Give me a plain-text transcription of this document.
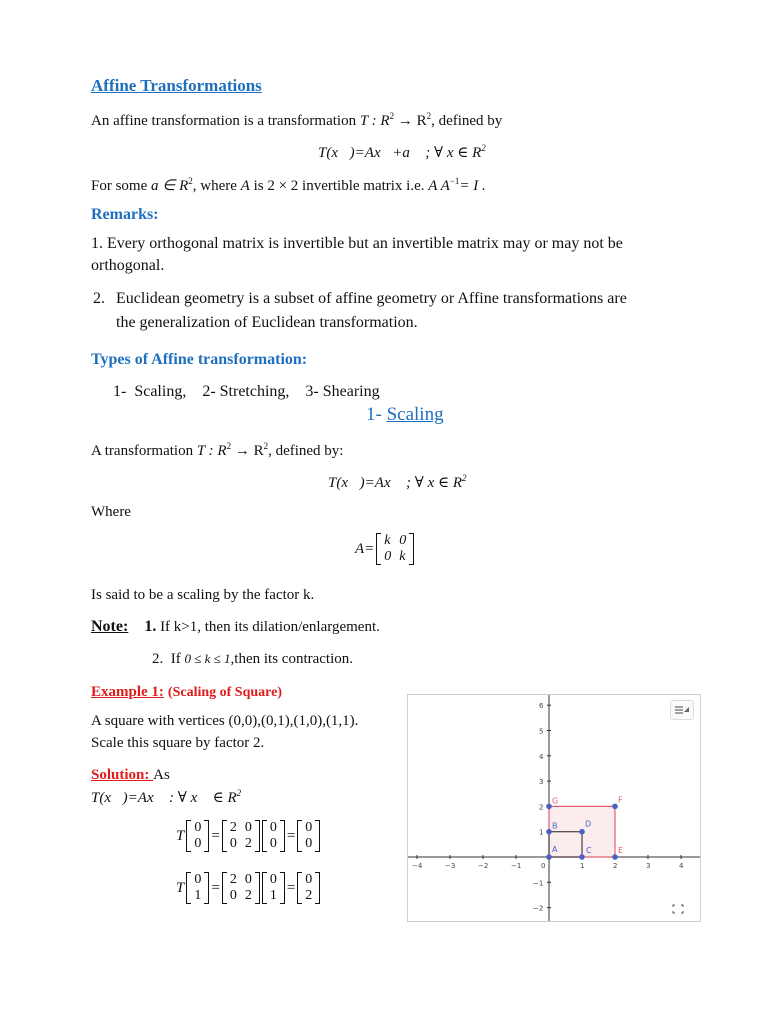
Affine Transformations
An affine transformation is a transformation T : $R^2 \to R^2$, defined by
T(x⃗)=Ax⃗+a⃗ ; ∀ x ∈ $R^2$
For some a ∈ $R^2$, where A is 2 × 2 invertible matrix i.e. A $A^{-1}= I$ .
Remarks:
1. Every orthogonal matrix is invertible but an invertible matrix may or may not be
orthogonal.
2. Euclidean geometry is a subset of affine geometry or Affine transformations are
the generalization of Euclidean transformation.
Types of Affine transformation:
1-  Scaling,    2- Stretching,    3- Shearing
1- Scaling
A transformation T : $R^2 \to R^2$, defined by:
T(x⃗)=Ax⃗ ; ∀ x ∈ $R^2$
Where
A= k 0
0 k
Is said to be a scaling by the factor k.
Note: 1. If k>1, then its dilation/enlargement.
2. If 0 ≤ k ≤ 1,then its contraction.
Example 1: (Scaling of Square)
A square with vertices (0,0),(0,1),(1,0),(1,1).
Scale this square by factor 2.
Solution: As
T(x⃗)=Ax⃗ : ∀ x⃗ ∈ $R^2$
T 0
0 = 2 0
0 2
0
0 = 0
0
T 0
1 = 2 0
0 2
0
1 = 0
2
−4	−3	−2	−1	0	1	2	3	4
6
5
4
3
2
1
−1
−2
A
B
C
D
E
F
G
